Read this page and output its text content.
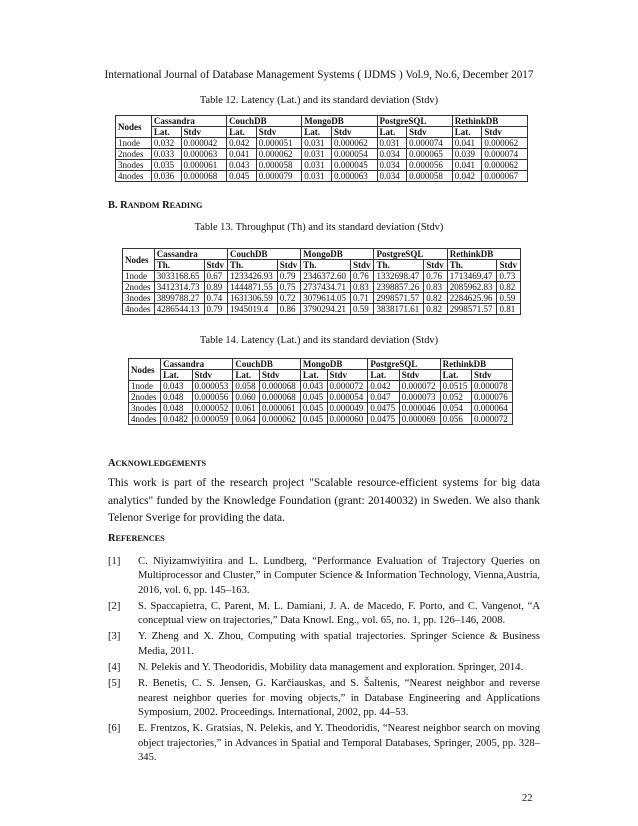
International Journal of Database Management Systems ( IJDMS ) Vol.9, No.6, December 2017
Table 12. Latency (Lat.) and its standard deviation (Stdv)
Nodes	Cassandra		CouchDB		MongoDB		PostgreSQL		RethinkDB	
	Lat.	Stdv	Lat.	Stdv	Lat.	Stdv	Lat.	Stdv	Lat.	Stdv
1node	0.032	0.000042	0.042	0.000051	0.031	0.000062	0.031	0.000074	0.041	0.000062
2nodes	0.033	0.000063	0.041	0.000062	0.031	0.000054	0.034	0.000065	0.039	0.000074
3nodes	0.035	0.000061	0.043	0.000058	0.031	0.000045	0.034	0.000056	0.041	0.000062
4nodes	0.036	0.000068	0.045	0.000079	0.031	0.000063	0.034	0.000058	0.042	0.000067
B. RANDOM READING
Table 13. Throughput (Th) and its standard deviation (Stdv)
Nodes	Cassandra		CouchDB		MongoDB		PostgreSQL		RethinkDB	
	Th.	Stdv	Th.	Stdv	Th.	Stdv	Th.	Stdv	Th.	Stdv
1node	3033168.65	0.67	1233426.93	0.79	2346372.60	0.76	1332698.47	0.76	1713469.47	0.73
2nodes	3412314.73	0.89	1444871.55	0.75	2737434.71	0.83	2398857.26	0.83	2085962.83	0.82
3nodes	3899788.27	0.74	1631306.59	0.72	3079614.05	0.71	2998571.57	0.82	2284625.96	0.59
4nodes	4286544.13	0.79	1945019.4	0.86	3790294.21	0.59	3838171.61	0.82	2998571.57	0.81
Table 14. Latency (Lat.) and its standard deviation (Stdv)
Nodes	Cassandra		CouchDB		MongoDB		PostgreSQL		RethinkDB	
	Lat.	Stdv	Lat.	Stdv	Lat.	Stdv	Lat.	Stdv	Lat.	Stdv
1node	0.043	0.000053	0.058	0.000068	0.043	0.000072	0.042	0.000072	0.0515	0.000078
2nodes	0.048	0.000056	0.060	0.000068	0.045	0.000054	0.047	0.000073	0.052	0.000076
3nodes	0.048	0.000052	0.061	0.000061	0.045	0.000049	0.0475	0.000046	0.054	0.000064
4nodes	0.0482	0.000059	0.064	0.000062	0.045	0.000060	0.0475	0.000069	0.056	0.000072
ACKNOWLEDGEMENTS
This work is part of the research project "Scalable resource-efficient systems for big data analytics" funded by the Knowledge Foundation (grant: 20140032) in Sweden. We also thank Telenor Sverige for providing the data.
REFERENCES
[1] C. Niyizamwiyitira and L. Lundberg, “Performance Evaluation of Trajectory Queries on Multiprocessor and Cluster,” in Computer Science & Information Technology, Vienna,Austria, 2016, vol. 6, pp. 145–163.
[2] S. Spaccapietra, C. Parent, M. L. Damiani, J. A. de Macedo, F. Porto, and C. Vangenot, “A conceptual view on trajectories,” Data Knowl. Eng., vol. 65, no. 1, pp. 126–146, 2008.
[3] Y. Zheng and X. Zhou, Computing with spatial trajectories. Springer Science & Business Media, 2011.
[4] N. Pelekis and Y. Theodoridis, Mobility data management and exploration. Springer, 2014.
[5] R. Benetis, C. S. Jensen, G. Karčiauskas, and S. Šaltenis, “Nearest neighbor and reverse nearest neighbor queries for moving objects,” in Database Engineering and Applications Symposium, 2002. Proceedings. International, 2002, pp. 44–53.
[6] E. Frentzos, K. Gratsias, N. Pelekis, and Y. Theodoridis, “Nearest neighbor search on moving object trajectories,” in Advances in Spatial and Temporal Databases, Springer, 2005, pp. 328–345.
22
